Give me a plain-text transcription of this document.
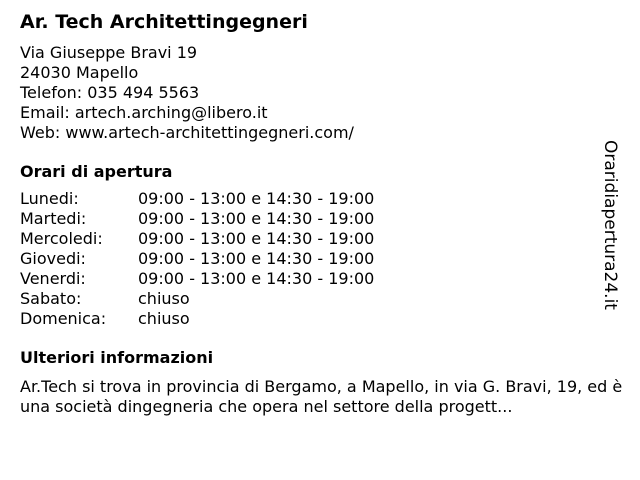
Ar. Tech Architettingegneri
Via Giuseppe Bravi 19
24030 Mapello
Telefon: 035 494 5563
Email: artech.arching@libero.it
Web: www.artech-architettingegneri.com/
Orari di apertura
Lunedi:	09:00 - 13:00 e 14:30 - 19:00
Martedi:	09:00 - 13:00 e 14:30 - 19:00
Mercoledi:	09:00 - 13:00 e 14:30 - 19:00
Giovedi:	09:00 - 13:00 e 14:30 - 19:00
Venerdi:	09:00 - 13:00 e 14:30 - 19:00
Sabato:	chiuso
Domenica:	chiuso
Ulteriori informazioni
Ar.Tech si trova in provincia di Bergamo, a Mapello, in via G. Bravi, 19, ed è una società dingegneria che opera nel settore della progett...
Oraridiapertura24.it
